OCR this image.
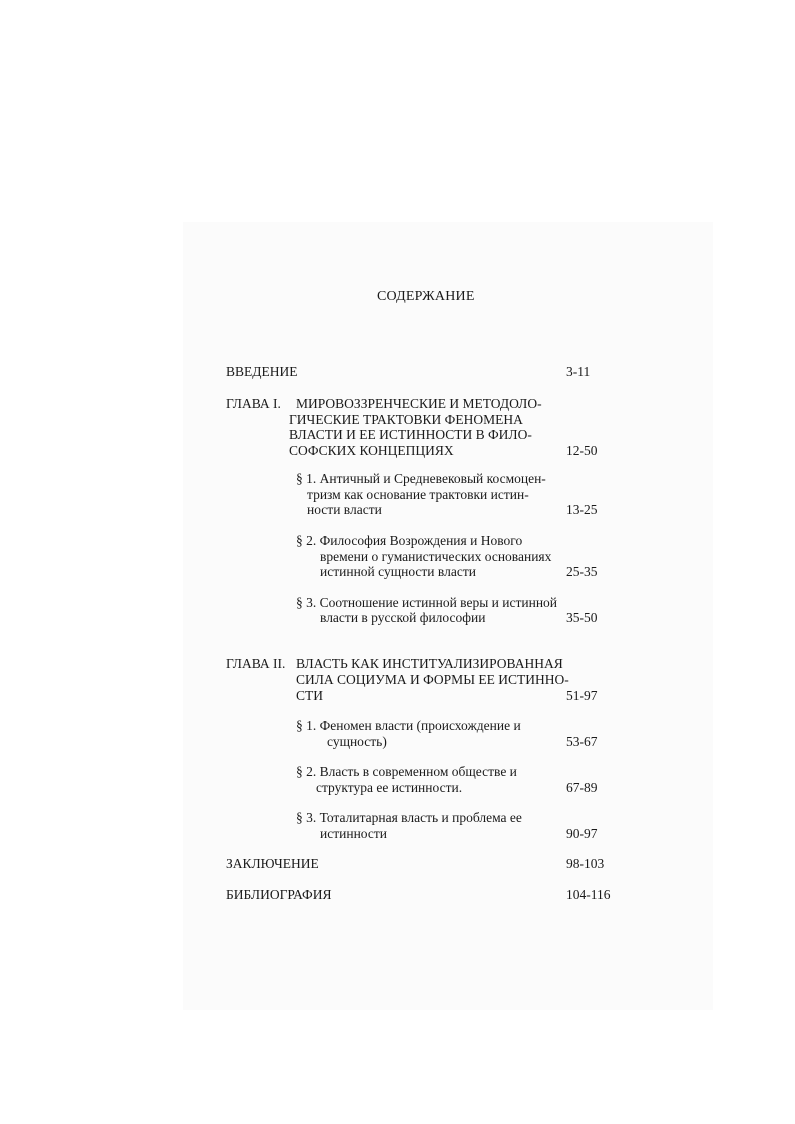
СОДЕРЖАНИЕ
ВВЕДЕНИЕ	3-11
ГЛАВА I. МИРОВОЗЗРЕНЧЕСКИЕ И МЕТОДОЛО-
ГИЧЕСКИЕ ТРАКТОВКИ ФЕНОМЕНА
ВЛАСТИ И ЕЕ ИСТИННОСТИ В ФИЛО-
СОФСКИХ КОНЦЕПЦИЯХ	12-50
§ 1. Античный и Средневековый космоцен-
тризм как основание трактовки истин-
ности власти	13-25
§ 2. Философия Возрождения и Нового
времени о гуманистических основаниях
истинной сущности власти	25-35
§ 3. Соотношение истинной веры и истинной
власти в русской философии	35-50
ГЛАВА II. ВЛАСТЬ КАК ИНСТИТУАЛИЗИРОВАННАЯ
СИЛА СОЦИУМА И ФОРМЫ ЕЕ ИСТИННО-
СТИ	51-97
§ 1. Феномен власти (происхождение и
сущность)	53-67
§ 2. Власть в современном обществе и
структура ее истинности.	67-89
§ 3. Тоталитарная власть и проблема ее
истинности	90-97
ЗАКЛЮЧЕНИЕ	98-103
БИБЛИОГРАФИЯ	104-116
